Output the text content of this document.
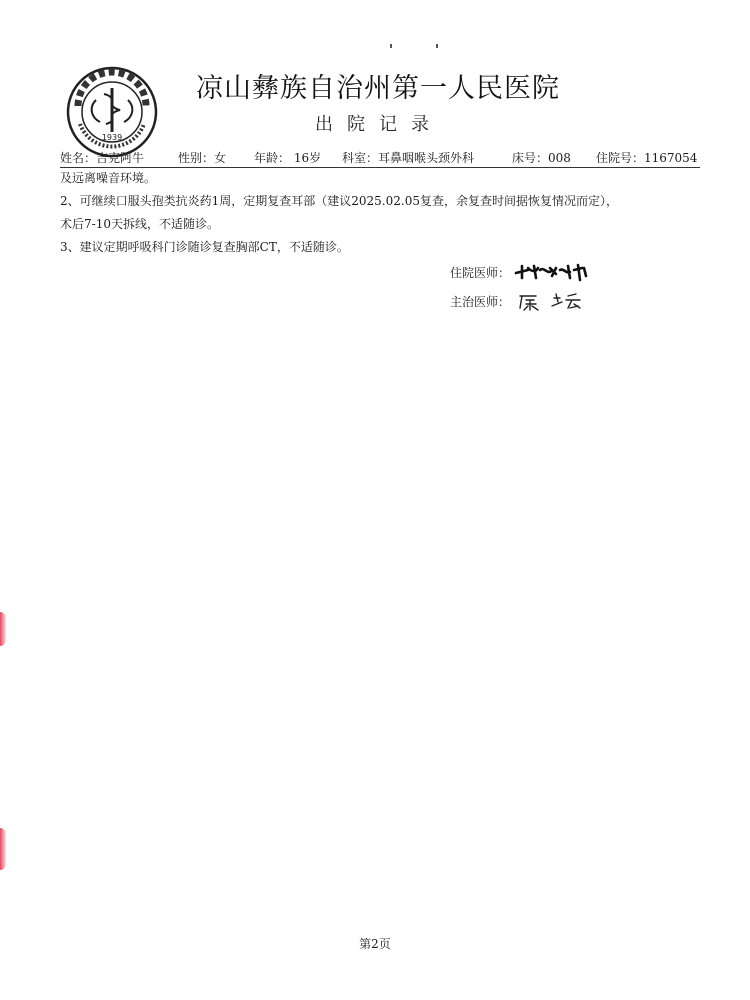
1939
凉山彝族自治州第一人民医院
出院记录
姓名：吉克阿牛	性别：女 年龄： 16岁 科室：耳鼻咽喉头颈外科	床号：008 住院号：1167054

及远离噪音环境。

2、可继续口服头孢类抗炎药1周，定期复查耳部（建议2025.02.05复查，余复查时间据恢复情况而定），

术后7-10天拆线，不适随诊。

3、建议定期呼吸科门诊随诊复查胸部CT，不适随诊。

住院医师：
主治医师：
第2页
